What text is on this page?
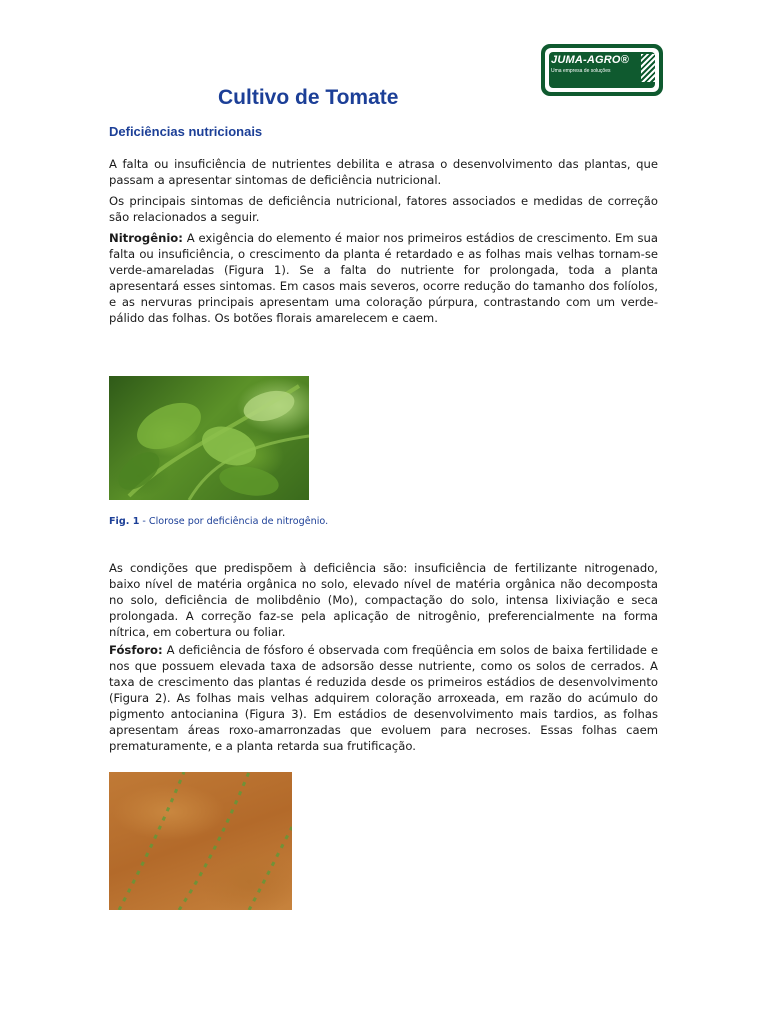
JUMA-AGRO®
Uma empresa de soluções
Cultivo de Tomate
Deficiências nutricionais

A falta ou insuficiência de nutrientes debilita e atrasa o desenvolvimento das plantas, que passam a apresentar sintomas de deficiência nutricional.

Os principais sintomas de deficiência nutricional, fatores associados e medidas de correção são relacionados a seguir.

Nitrogênio: A exigência do elemento é maior nos primeiros estádios de crescimento. Em sua falta ou insuficiência, o crescimento da planta é retardado e as folhas mais velhas tornam-se verde-amareladas (Figura 1). Se a falta do nutriente for prolongada, toda a planta apresentará esses sintomas. Em casos mais severos, ocorre redução do tamanho dos folíolos, e as nervuras principais apresentam uma coloração púrpura, contrastando com um verde-pálido das folhas. Os botões florais amarelecem e caem.

Fig. 1 - Clorose por deficiência de nitrogênio.

As condições que predispõem à deficiência são: insuficiência de fertilizante nitrogenado, baixo nível de matéria orgânica no solo, elevado nível de matéria orgânica não decomposta no solo, deficiência de molibdênio (Mo), compactação do solo, intensa lixiviação e seca prolongada. A correção faz-se pela aplicação de nitrogênio, preferencialmente na forma nítrica, em cobertura ou foliar.

Fósforo: A deficiência de fósforo é observada com freqüência em solos de baixa fertilidade e nos que possuem elevada taxa de adsorsão desse nutriente, como os solos de cerrados. A taxa de crescimento das plantas é reduzida desde os primeiros estádios de desenvolvimento (Figura 2). As folhas mais velhas adquirem coloração arroxeada, em razão do acúmulo do pigmento antocianina (Figura 3). Em estádios de desenvolvimento mais tardios, as folhas apresentam áreas roxo-amarronzadas que evoluem para necroses. Essas folhas caem prematuramente, e a planta retarda sua frutificação.
